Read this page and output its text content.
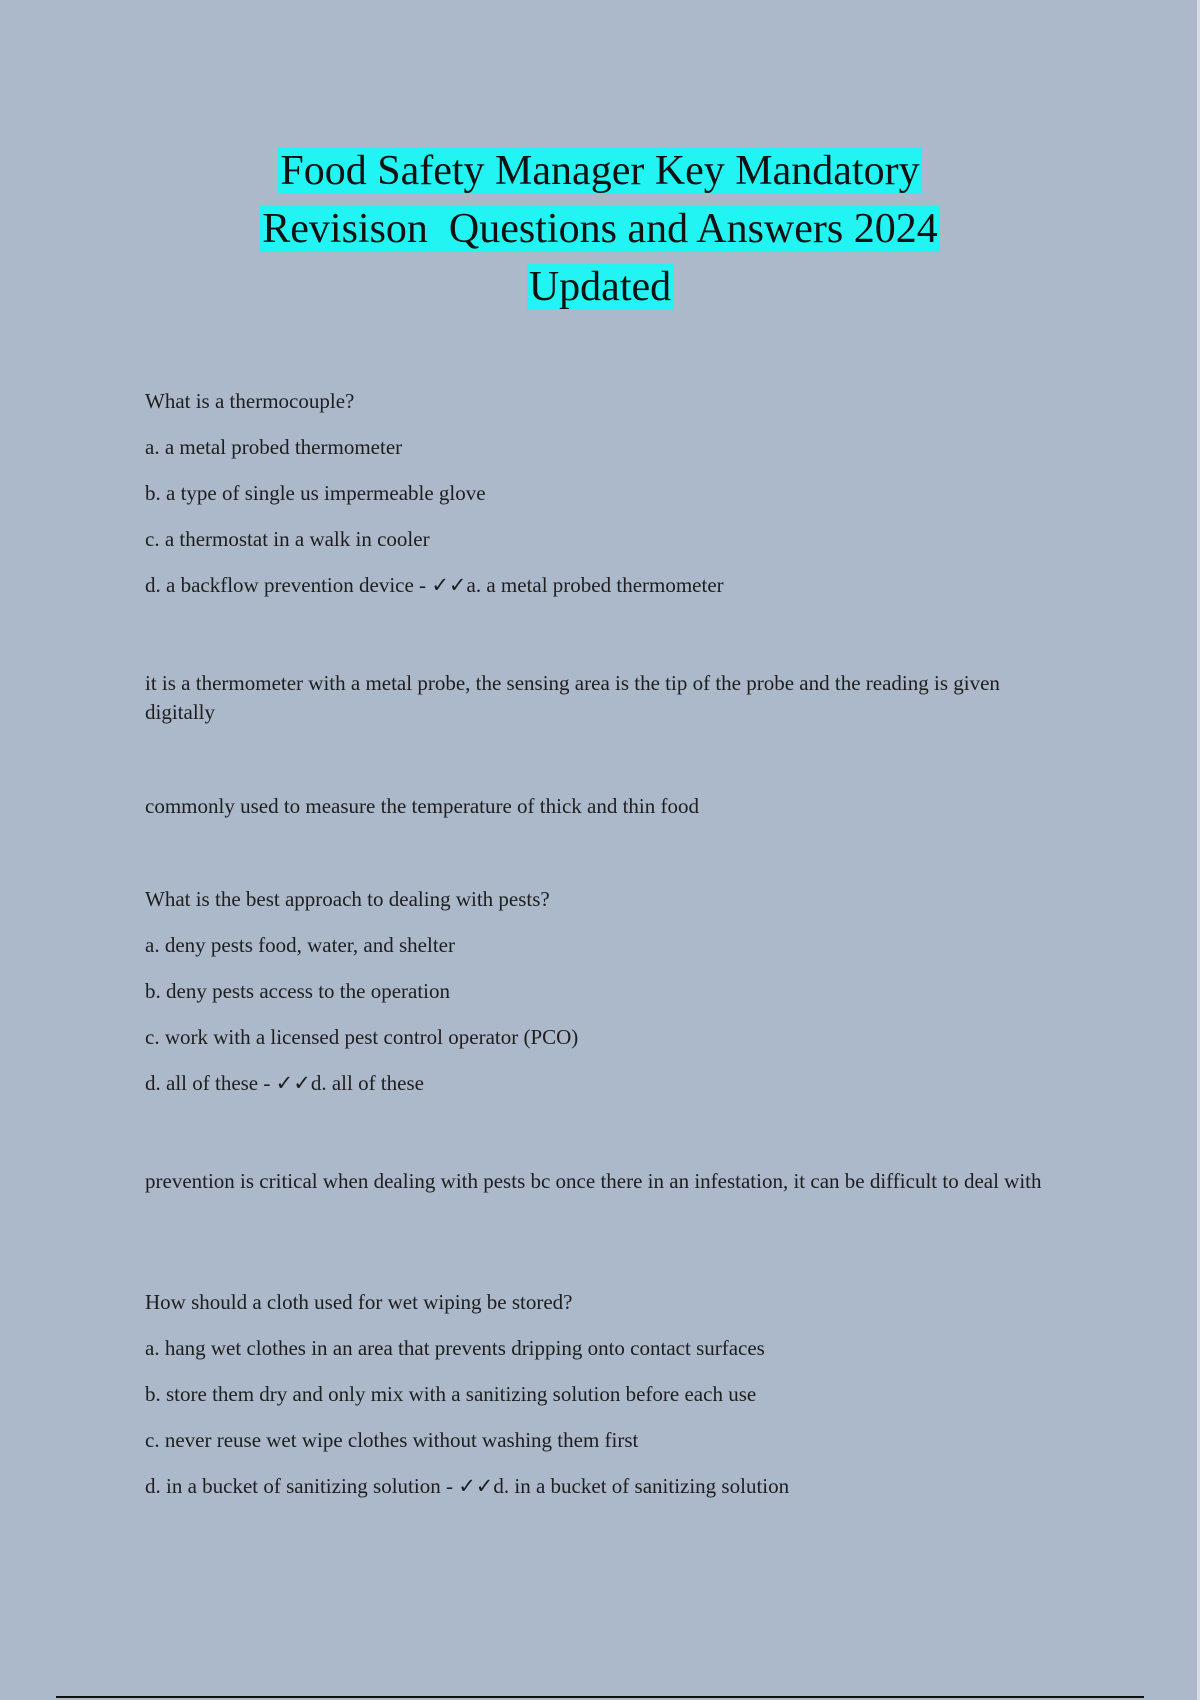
Food Safety Manager Key Mandatory
Revisison  Questions and Answers 2024
Updated
What is a thermocouple?
a. a metal probed thermometer
b. a type of single us impermeable glove
c. a thermostat in a walk in cooler
d. a backflow prevention device - ✓✓a. a metal probed thermometer
it is a thermometer with a metal probe, the sensing area is the tip of the probe and the reading is given digitally
commonly used to measure the temperature of thick and thin food
What is the best approach to dealing with pests?
a. deny pests food, water, and shelter
b. deny pests access to the operation
c. work with a licensed pest control operator (PCO)
d. all of these - ✓✓d. all of these
prevention is critical when dealing with pests bc once there in an infestation, it can be difficult to deal with
How should a cloth used for wet wiping be stored?
a. hang wet clothes in an area that prevents dripping onto contact surfaces
b. store them dry and only mix with a sanitizing solution before each use
c. never reuse wet wipe clothes without washing them first
d. in a bucket of sanitizing solution - ✓✓d. in a bucket of sanitizing solution
